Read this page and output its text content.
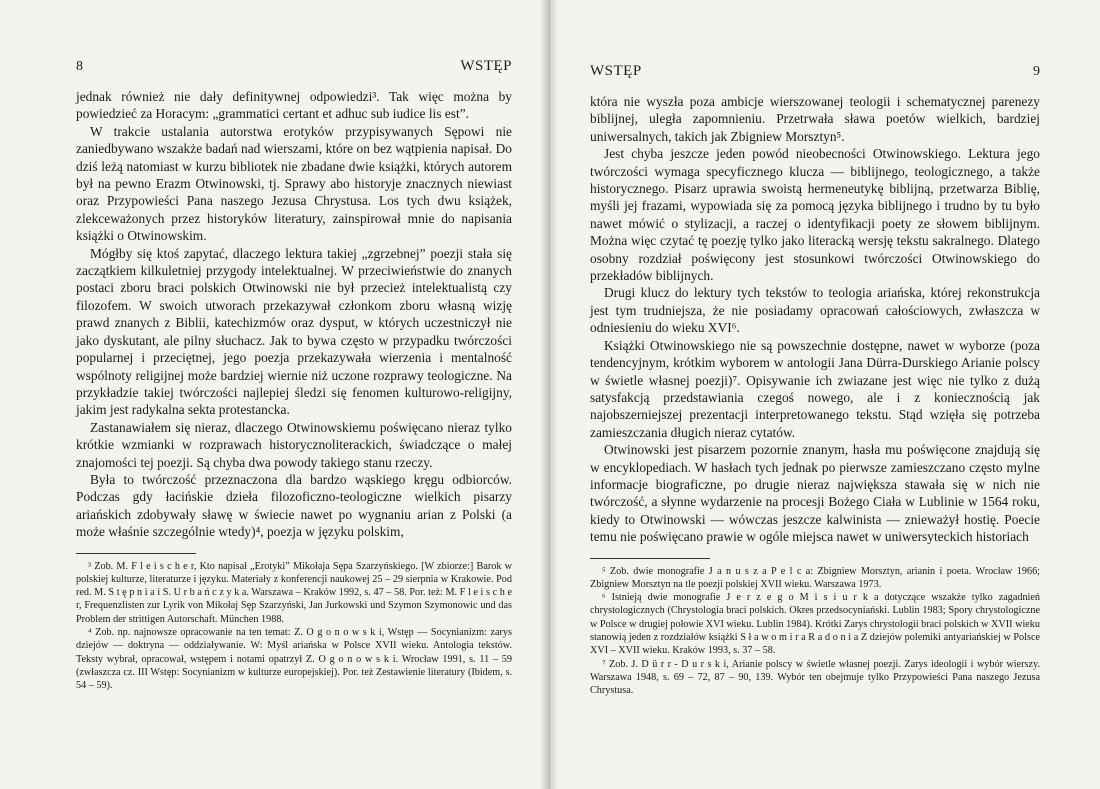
8	WSTĘP

jednak również nie dały definitywnej odpowiedzi³. Tak więc można by powiedzieć za Horacym: „grammatici certant et adhuc sub iudice lis est”.

W trakcie ustalania autorstwa erotyków przypisywanych Sępowi nie zaniedbywano wszakże badań nad wierszami, które on bez wątpienia napisał. Do dziś leżą natomiast w kurzu bibliotek nie zbadane dwie książki, których autorem był na pewno Erazm Otwinowski, tj. Sprawy abo historyje znacznych niewiast oraz Przypowieści Pana naszego Jezusa Chrystusa. Los tych dwu książek, zlekceważonych przez historyków literatury, zainspirował mnie do napisania książki o Otwinowskim.

Mógłby się ktoś zapytać, dlaczego lektura takiej „zgrzebnej” poezji stała się zaczątkiem kilkuletniej przygody intelektualnej. W przeciwieństwie do znanych postaci zboru braci polskich Otwinowski nie był przecież intelektualistą czy filozofem. W swoich utworach przekazywał członkom zboru własną wizję prawd znanych z Biblii, katechizmów oraz dysput, w których uczestniczył nie jako dyskutant, ale pilny słuchacz. Jak to bywa często w przypadku twórczości popularnej i przeciętnej, jego poezja przekazywała wierzenia i mentalność wspólnoty religijnej może bardziej wiernie niż uczone rozprawy teologiczne. Na przykładzie takiej twórczości najlepiej śledzi się fenomen kulturowo-religijny, jakim jest radykalna sekta protestancka.

Zastanawiałem się nieraz, dlaczego Otwinowskiemu poświęcano nieraz tylko krótkie wzmianki w rozprawach historycznoliterackich, świadczące o małej znajomości tej poezji. Są chyba dwa powody takiego stanu rzeczy.

Była to twórczość przeznaczona dla bardzo wąskiego kręgu odbiorców. Podczas gdy łacińskie dzieła filozoficzno-teologiczne wielkich pisarzy ariańskich zdobywały sławę w świecie nawet po wygnaniu arian z Polski (a może właśnie szczególnie wtedy)⁴, poezja w języku polskim,

³ Zob. M. F l e i s c h e r, Kto napisał „Erotyki” Mikołaja Sępa Szarzyńskiego. [W zbiorze:] Barok w polskiej kulturze, literaturze i języku. Materiały z konferencji naukowej 25 – 29 sierpnia w Krakowie. Pod red. M. S t ę p n i a i S. U r b a ń c z y k a. Warszawa – Kraków 1992, s. 47 – 58. Por. też: M. F l e i s c h e r, Frequenzlisten zur Lyrik von Mikołaj Sęp Szarzyński, Jan Jurkowski und Szymon Szymonowic und das Problem der strittigen Autorschaft. München 1988.

⁴ Zob. np. najnowsze opracowanie na ten temat: Z. O g o n o w s k i, Wstęp — Socynianizm: zarys dziejów — doktryna — oddziaływanie. W: Myśl ariańska w Polsce XVII wieku. Antologia tekstów. Teksty wybrał, opracował, wstępem i notami opatrzył Z. O g o n o w s k i. Wrocław 1991, s. 11 – 59 (zwłaszcza cz. III Wstęp: Socynianizm w kulturze europejskiej). Por. też Zestawienie literatury (Ibidem, s. 54 – 59).

WSTĘP	9

która nie wyszła poza ambicje wierszowanej teologii i schematycznej parenezy biblijnej, uległa zapomnieniu. Przetrwała sława poetów wielkich, bardziej uniwersalnych, takich jak Zbigniew Morsztyn⁵.

Jest chyba jeszcze jeden powód nieobecności Otwinowskiego. Lektura jego twórczości wymaga specyficznego klucza — biblijnego, teologicznego, a także historycznego. Pisarz uprawia swoistą hermeneutykę biblijną, przetwarza Biblię, myśli jej frazami, wypowiada się za pomocą języka biblijnego i trudno by tu było nawet mówić o stylizacji, a raczej o identyfikacji poety ze słowem biblijnym. Można więc czytać tę poezję tylko jako literacką wersję tekstu sakralnego. Dlatego osobny rozdział poświęcony jest stosunkowi twórczości Otwinowskiego do przekładów biblijnych.

Drugi klucz do lektury tych tekstów to teologia ariańska, której rekonstrukcja jest tym trudniejsza, że nie posiadamy opracowań całościowych, zwłaszcza w odniesieniu do wieku XVI⁶.

Książki Otwinowskiego nie są powszechnie dostępne, nawet w wyborze (poza tendencyjnym, krótkim wyborem w antologii Jana Dürra-Durskiego Arianie polscy w świetle własnej poezji)⁷. Opisywanie ich zwiazane jest więc nie tylko z dużą satysfakcją przedstawiania czegoś nowego, ale i z koniecznością jak najobszerniejszej prezentacji interpretowanego tekstu. Stąd wzięła się potrzeba zamieszczania długich nieraz cytatów.

Otwinowski jest pisarzem pozornie znanym, hasła mu poświęcone znajdują się w encyklopediach. W hasłach tych jednak po pierwsze zamieszczano często mylne informacje biograficzne, po drugie nieraz największa stawała się w nich nie twórczość, a słynne wydarzenie na procesji Bożego Ciała w Lublinie w 1564 roku, kiedy to Otwinowski — wówczas jeszcze kalwinista — znieważył hostię. Poecie temu nie poświęcano prawie w ogóle miejsca nawet w uniwersyteckich historiach

⁵ Zob. dwie monografie J a n u s z a P e l c a: Zbigniew Morsztyn, arianin i poeta. Wrocław 1966; Zbigniew Morsztyn na tle poezji polskiej XVII wieku. Warszawa 1973.

⁶ Istnieją dwie monografie J e r z e g o M i s i u r k a dotyczące wszakże tylko zagadnień chrystologicznych (Chrystologia braci polskich. Okres przedsocyniański. Lublin 1983; Spory chrystologiczne w Polsce w drugiej połowie XVI wieku. Lublin 1984). Krótki Zarys chrystologii braci polskich w XVII wieku stanowią jeden z rozdziałów książki S ł a w o m i r a R a d o n i a Z dziejów polemiki antyariańskiej w Polsce XVI – XVII wieku. Kraków 1993, s. 37 – 58.

⁷ Zob. J. D ü r r - D u r s k i, Arianie polscy w świetle własnej poezji. Zarys ideologii i wybór wierszy. Warszawa 1948, s. 69 – 72, 87 – 90, 139. Wybór ten obejmuje tylko Przypowieści Pana naszego Jezusa Chrystusa.
